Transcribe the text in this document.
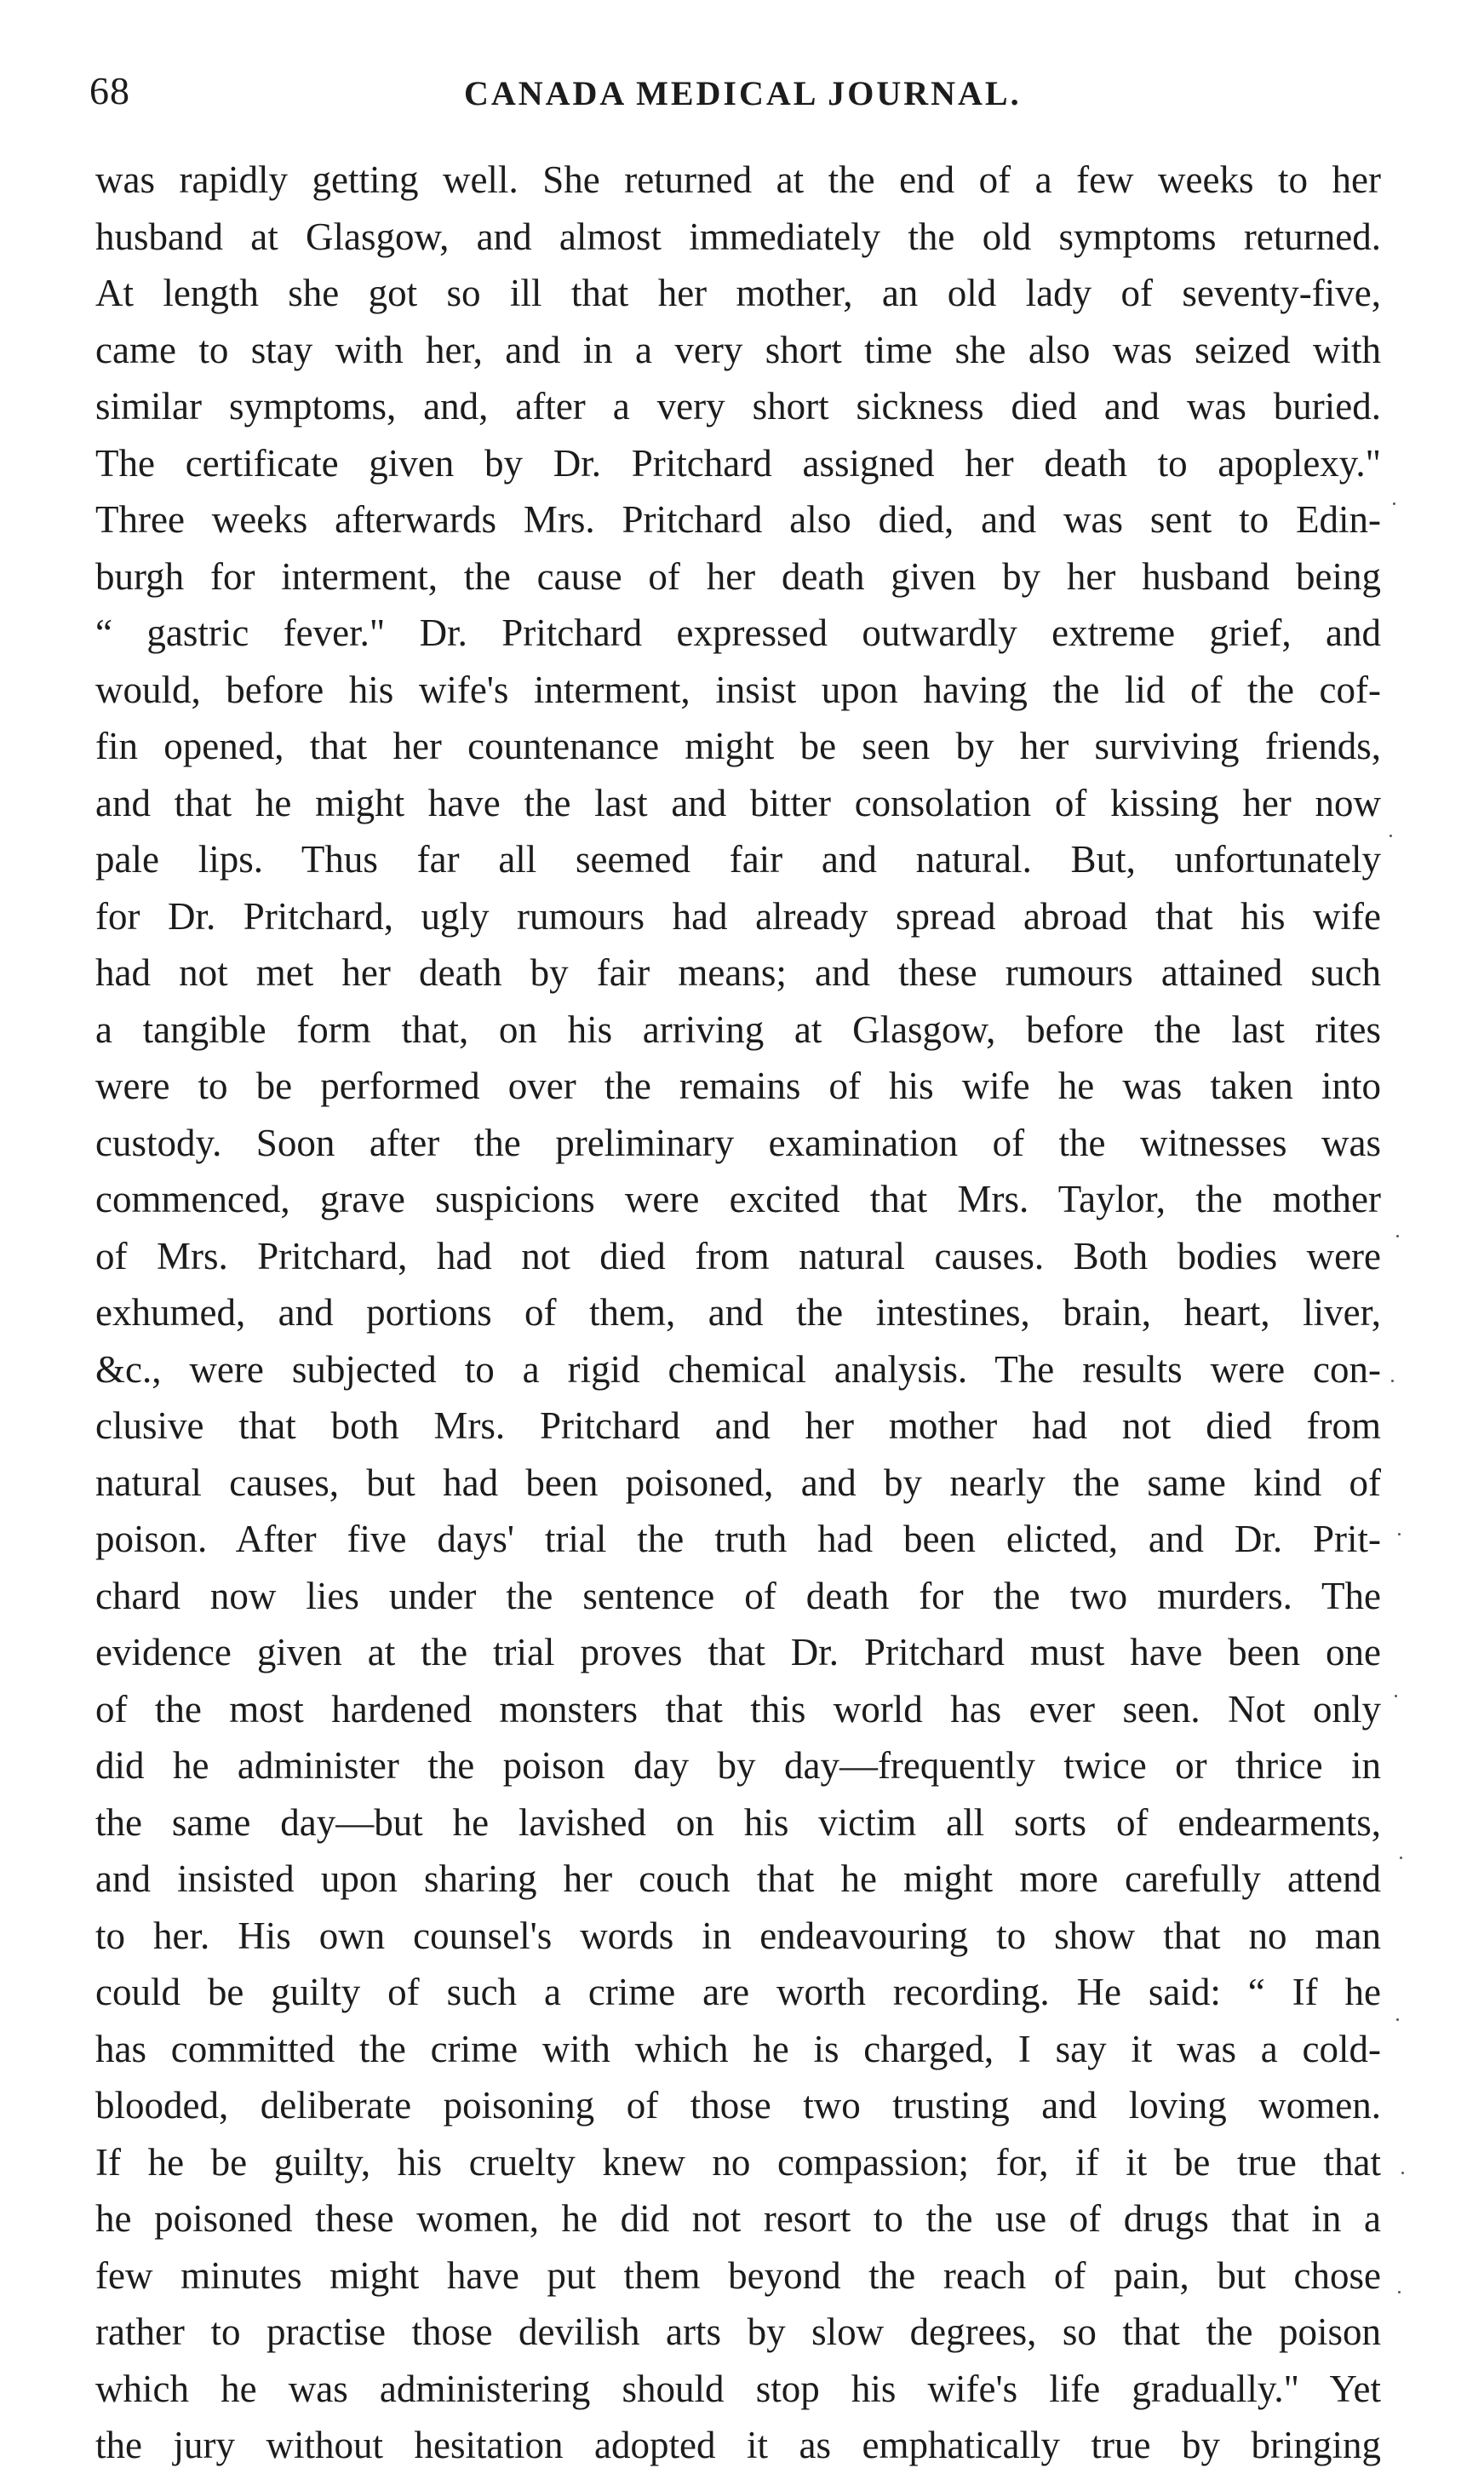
68	CANADA MEDICAL JOURNAL.
was rapidly getting well. She returned at the end of a few weeks to her
husband at Glasgow, and almost immediately the old symptoms returned.
At length she got so ill that her mother, an old lady of seventy-five,
came to stay with her, and in a very short time she also was seized with
similar symptoms, and, after a very short sickness died and was buried.
The certificate given by Dr. Pritchard assigned her death to apoplexy."
Three weeks afterwards Mrs. Pritchard also died, and was sent to Edin-
burgh for interment, the cause of her death given by her husband being
“ gastric fever." Dr. Pritchard expressed outwardly extreme grief, and
would, before his wife's interment, insist upon having the lid of the cof-
fin opened, that her countenance might be seen by her surviving friends,
and that he might have the last and bitter consolation of kissing her now
pale lips. Thus far all seemed fair and natural. But, unfortunately
for Dr. Pritchard, ugly rumours had already spread abroad that his wife
had not met her death by fair means; and these rumours attained such
a tangible form that, on his arriving at Glasgow, before the last rites
were to be performed over the remains of his wife he was taken into
custody. Soon after the preliminary examination of the witnesses was
commenced, grave suspicions were excited that Mrs. Taylor, the mother
of Mrs. Pritchard, had not died from natural causes. Both bodies were
exhumed, and portions of them, and the intestines, brain, heart, liver,
&c., were subjected to a rigid chemical analysis. The results were con-
clusive that both Mrs. Pritchard and her mother had not died from
natural causes, but had been poisoned, and by nearly the same kind of
poison. After five days' trial the truth had been elicted, and Dr. Prit-
chard now lies under the sentence of death for the two murders. The
evidence given at the trial proves that Dr. Pritchard must have been one
of the most hardened monsters that this world has ever seen. Not only
did he administer the poison day by day—frequently twice or thrice in
the same day—but he lavished on his victim all sorts of endearments,
and insisted upon sharing her couch that he might more carefully attend
to her. His own counsel's words in endeavouring to show that no man
could be guilty of such a crime are worth recording. He said: “ If he
has committed the crime with which he is charged, I say it was a cold-
blooded, deliberate poisoning of those two trusting and loving women.
If he be guilty, his cruelty knew no compassion; for, if it be true that
he poisoned these women, he did not resort to the use of drugs that in a
few minutes might have put them beyond the reach of pain, but chose
rather to practise those devilish arts by slow degrees, so that the poison
which he was administering should stop his wife's life gradually." Yet
the jury without hesitation adopted it as emphatically true by bringing
